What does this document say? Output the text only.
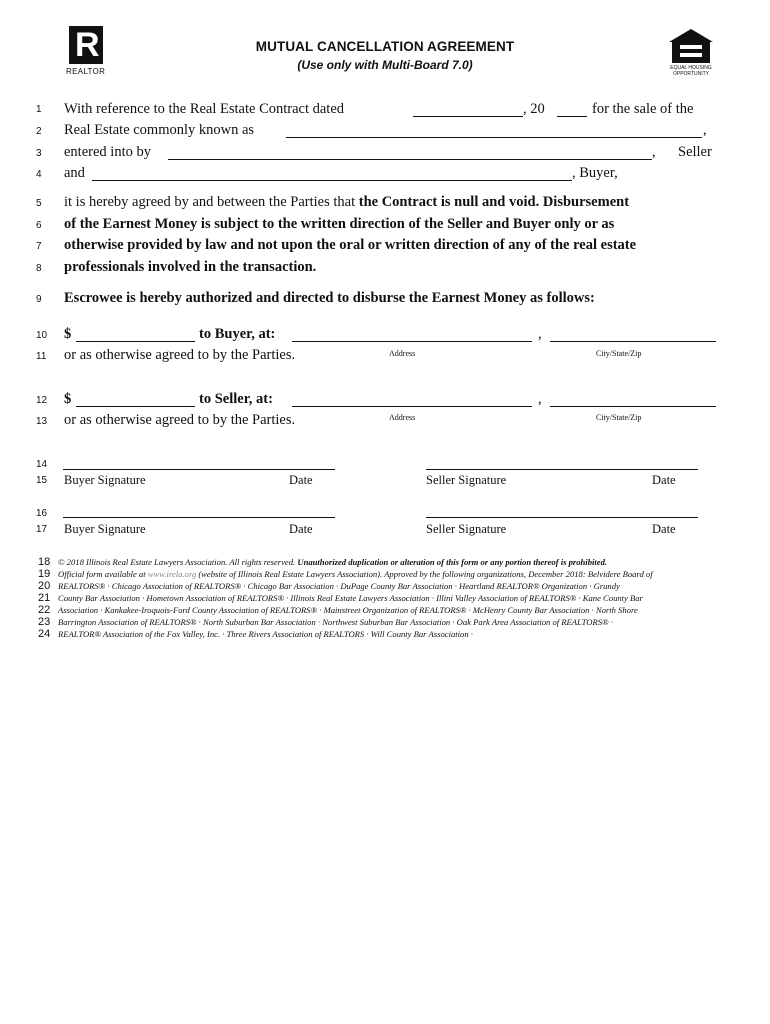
R
REALTOR	EQUAL HOUSING OPPORTUNITY
MUTUAL CANCELLATION AGREEMENT
(Use only with Multi-Board 7.0)
1
2
3
4
5
6
7
8
9
10
11
12
13
14
15
16
17
With reference to the Real Estate Contract dated	, 20	for the sale of the
Real Estate commonly known as	,
entered into by	, Seller
and	, Buyer,
it is hereby agreed by and between the Parties that the Contract is null and void. Disbursement
of the Earnest Money is subject to the written direction of the Seller and Buyer only or as
otherwise provided by law and not upon the oral or written direction of any of the real estate
professionals involved in the transaction.
Escrowee is hereby authorized and directed to disburse the Earnest Money as follows:
$	to Buyer, at:	,
or as otherwise agreed to by the Parties.	Address	City/State/Zip
$	to Seller, at:	,
or as otherwise agreed to by the Parties.	Address	City/State/Zip
Buyer Signature	Date	Seller Signature	Date
Buyer Signature	Date	Seller Signature	Date
18 © 2018 Illinois Real Estate Lawyers Association. All rights reserved. Unauthorized duplication or alteration of this form or any portion thereof is prohibited.
19 Official form available at www.irela.org (website of Illinois Real Estate Lawyers Association). Approved by the following organizations, December 2018: Belvidere Board of
20 REALTORS® · Chicago Association of REALTORS® · Chicago Bar Association · DuPage County Bar Association · Heartland REALTOR® Organization · Grundy
21 County Bar Association · Hometown Association of REALTORS® · Illinois Real Estate Lawyers Association · Illini Valley Association of REALTORS® · Kane County Bar
22 Association · Kankakee-Iroquois-Ford County Association of REALTORS® · Mainstreet Organization of REALTORS® · McHenry County Bar Association · North Shore
23 Barrington Association of REALTORS® · North Suburban Bar Association · Northwest Suburban Bar Association · Oak Park Area Association of REALTORS® ·
24 REALTOR® Association of the Fox Valley, Inc. · Three Rivers Association of REALTORS · Will County Bar Association ·
